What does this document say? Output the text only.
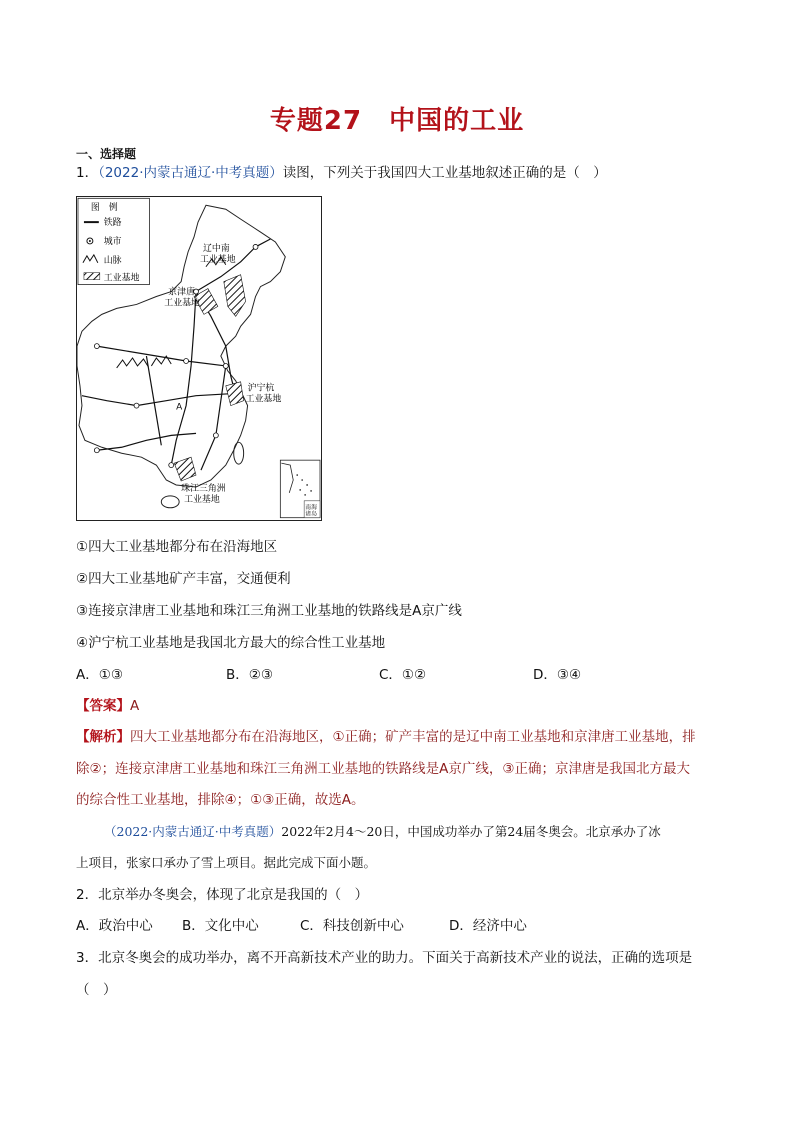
专题27　中国的工业
一、选择题
1．（2022·内蒙古通辽·中考真题）读图，下列关于我国四大工业基地叙述正确的是（　）
图　例
铁路
城市
山脉
工业基地
辽中南
工业基地
京津唐
工业基地
沪宁杭
工业基地
珠江三角洲
工业基地
A
南海
诸岛
①四大工业基地都分布在沿海地区
②四大工业基地矿产丰富，交通便利
③连接京津唐工业基地和珠江三角洲工业基地的铁路线是A京广线
④沪宁杭工业基地是我国北方最大的综合性工业基地
A．①③	B．②③	C．①②	D．③④
【答案】A
【解析】四大工业基地都分布在沿海地区，①正确；矿产丰富的是辽中南工业基地和京津唐工业基地，排
除②；连接京津唐工业基地和珠江三角洲工业基地的铁路线是A京广线，③正确；京津唐是我国北方最大
的综合性工业基地，排除④；①③正确，故选A。
（2022·内蒙古通辽·中考真题）2022年2月4～20日，中国成功举办了第24届冬奥会。北京承办了冰
上项目，张家口承办了雪上项目。据此完成下面小题。
2．北京举办冬奥会，体现了北京是我国的（　）
A．政治中心 B．文化中心	C．科技创新中心	D．经济中心
3．北京冬奥会的成功举办，离不开高新技术产业的助力。下面关于高新技术产业的说法，正确的选项是
（　）
